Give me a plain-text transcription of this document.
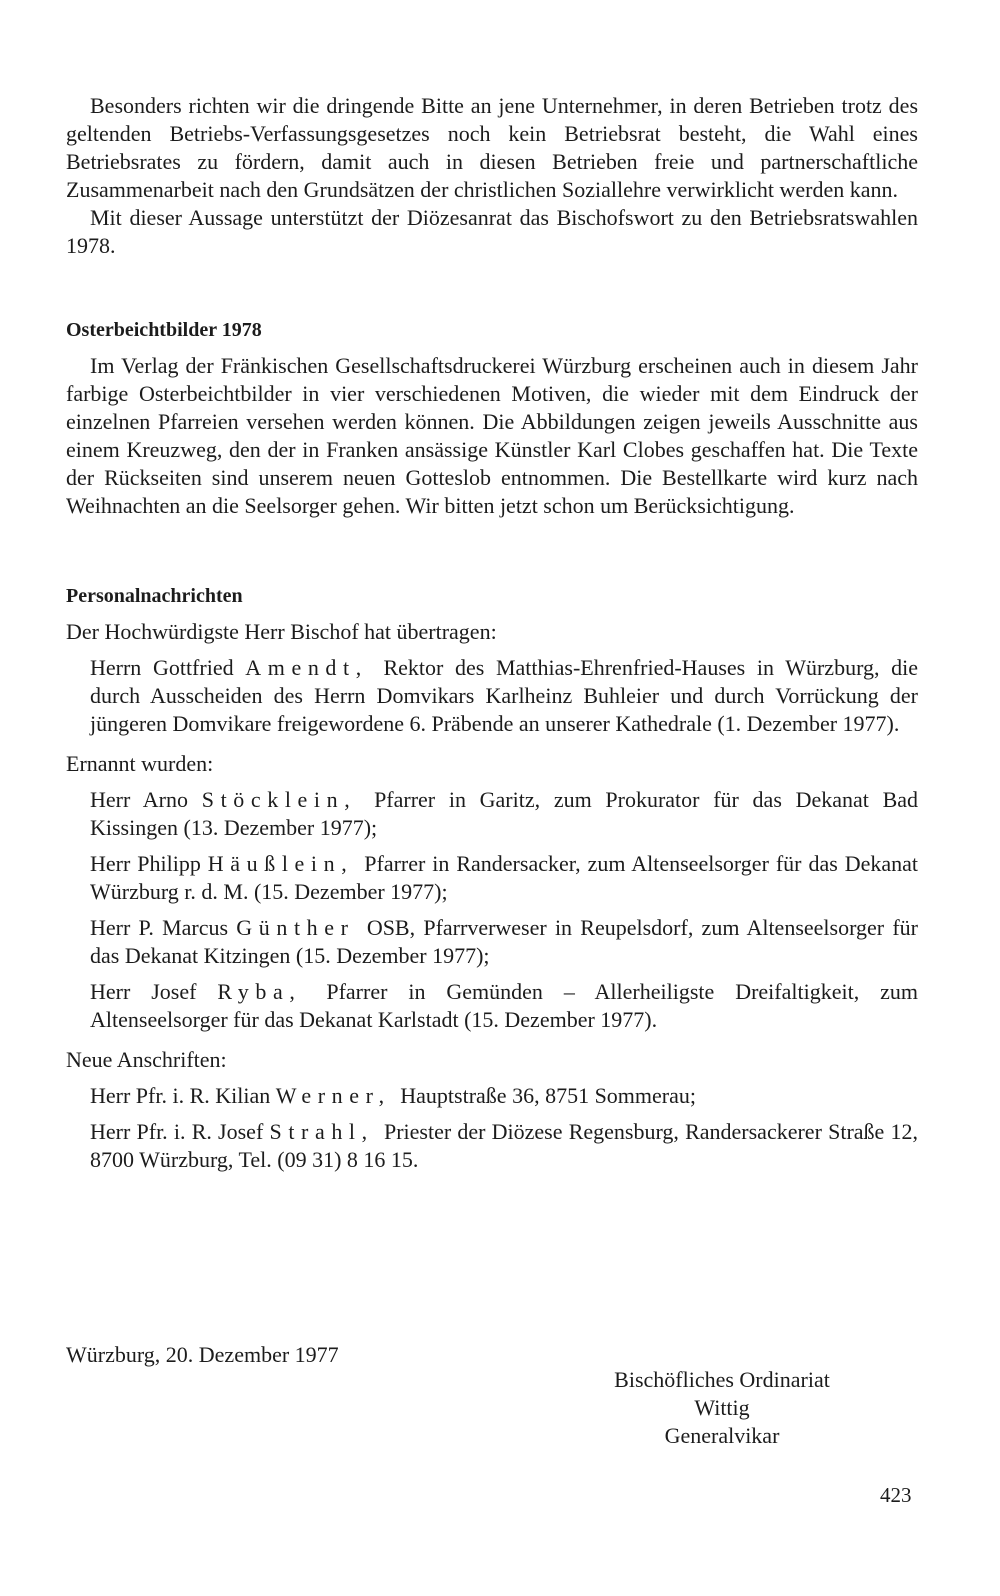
Besonders richten wir die dringende Bitte an jene Unternehmer, in deren Betrieben trotz des geltenden Betriebs-Verfassungsgesetzes noch kein Betriebsrat besteht, die Wahl eines Betriebsrates zu fördern, damit auch in diesen Betrieben freie und partnerschaftliche Zusammenarbeit nach den Grundsätzen der christlichen Soziallehre verwirklicht werden kann.

Mit dieser Aussage unterstützt der Diözesanrat das Bischofswort zu den Betriebsratswahlen 1978.

Osterbeichtbilder 1978

Im Verlag der Fränkischen Gesellschaftsdruckerei Würzburg erscheinen auch in diesem Jahr farbige Osterbeichtbilder in vier verschiedenen Motiven, die wieder mit dem Eindruck der einzelnen Pfarreien versehen werden können. Die Abbildungen zeigen jeweils Ausschnitte aus einem Kreuzweg, den der in Franken ansässige Künstler Karl Clobes geschaffen hat. Die Texte der Rückseiten sind unserem neuen Gotteslob entnommen. Die Bestellkarte wird kurz nach Weihnachten an die Seelsorger gehen. Wir bitten jetzt schon um Berücksichtigung.

Personalnachrichten

Der Hochwürdigste Herr Bischof hat übertragen:

Herrn Gottfried Amendt, Rektor des Matthias-Ehrenfried-Hauses in Würzburg, die durch Ausscheiden des Herrn Domvikars Karlheinz Buhleier und durch Vorrückung der jüngeren Domvikare freigewordene 6. Präbende an unserer Kathedrale (1. Dezember 1977).

Ernannt wurden:

Herr Arno Stöcklein, Pfarrer in Garitz, zum Prokurator für das Dekanat Bad Kissingen (13. Dezember 1977);

Herr Philipp Häußlein, Pfarrer in Randersacker, zum Altenseelsorger für das Dekanat Würzburg r. d. M. (15. Dezember 1977);

Herr P. Marcus Günther OSB, Pfarrverweser in Reupelsdorf, zum Altenseelsorger für das Dekanat Kitzingen (15. Dezember 1977);

Herr Josef Ryba, Pfarrer in Gemünden – Allerheiligste Dreifaltigkeit, zum Altenseelsorger für das Dekanat Karlstadt (15. Dezember 1977).

Neue Anschriften:

Herr Pfr. i. R. Kilian Werner, Hauptstraße 36, 8751 Sommerau;

Herr Pfr. i. R. Josef Strahl, Priester der Diözese Regensburg, Randersackerer Straße 12, 8700 Würzburg, Tel. (09 31) 8 16 15.

Würzburg, 20. Dezember 1977
Bischöfliches Ordinariat
Wittig
Generalvikar
423
